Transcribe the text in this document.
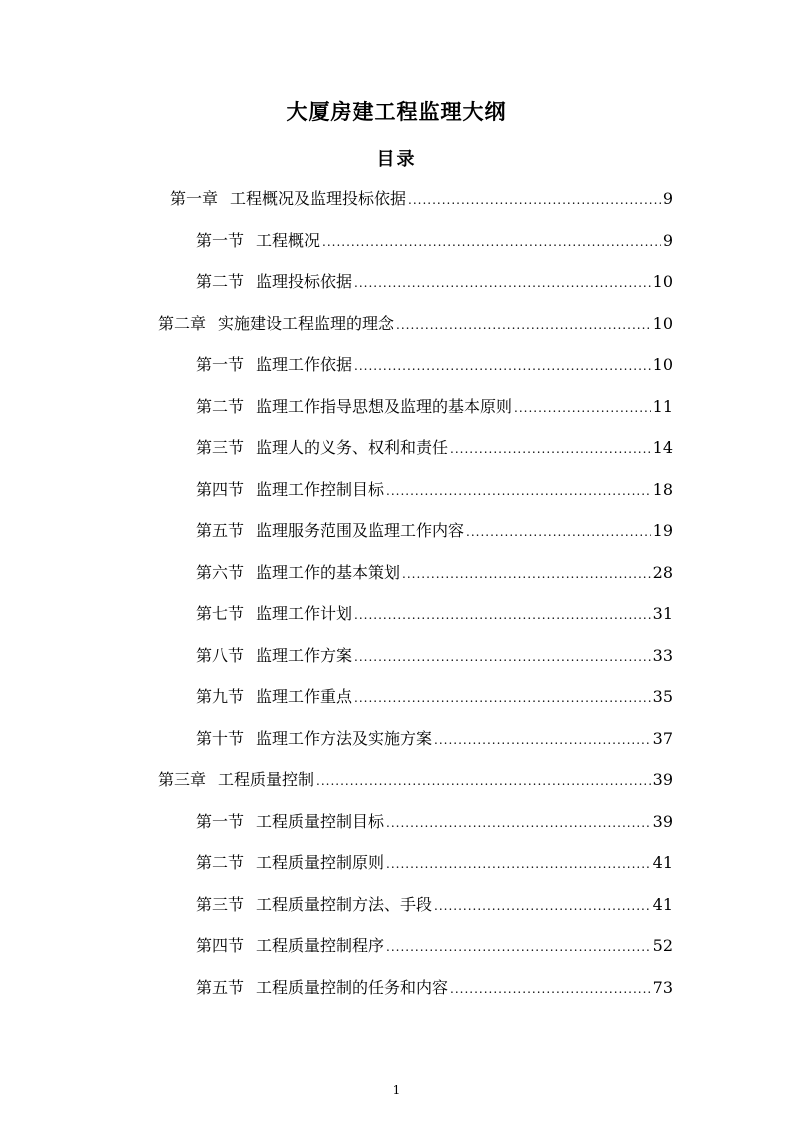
大厦房建工程监理大纲
目录
第一章 工程概况及监理投标依据 .....	9
第一节 工程概况 .....	9
第二节 监理投标依据 .....	10
第二章 实施建设工程监理的理念 .....	10
第一节 监理工作依据 .....	10
第二节 监理工作指导思想及监理的基本原则 .....	11
第三节 监理人的义务、权利和责任 .....	14
第四节 监理工作控制目标 .....	18
第五节 监理服务范围及监理工作内容 .....	19
第六节 监理工作的基本策划 .....	28
第七节 监理工作计划 .....	31
第八节 监理工作方案 .....	33
第九节 监理工作重点 .....	35
第十节 监理工作方法及实施方案 .....	37
第三章 工程质量控制 .....	39
第一节 工程质量控制目标 .....	39
第二节 工程质量控制原则 .....	41
第三节 工程质量控制方法、手段 .....	41
第四节 工程质量控制程序 .....	52
第五节 工程质量控制的任务和内容 .....	73
1
